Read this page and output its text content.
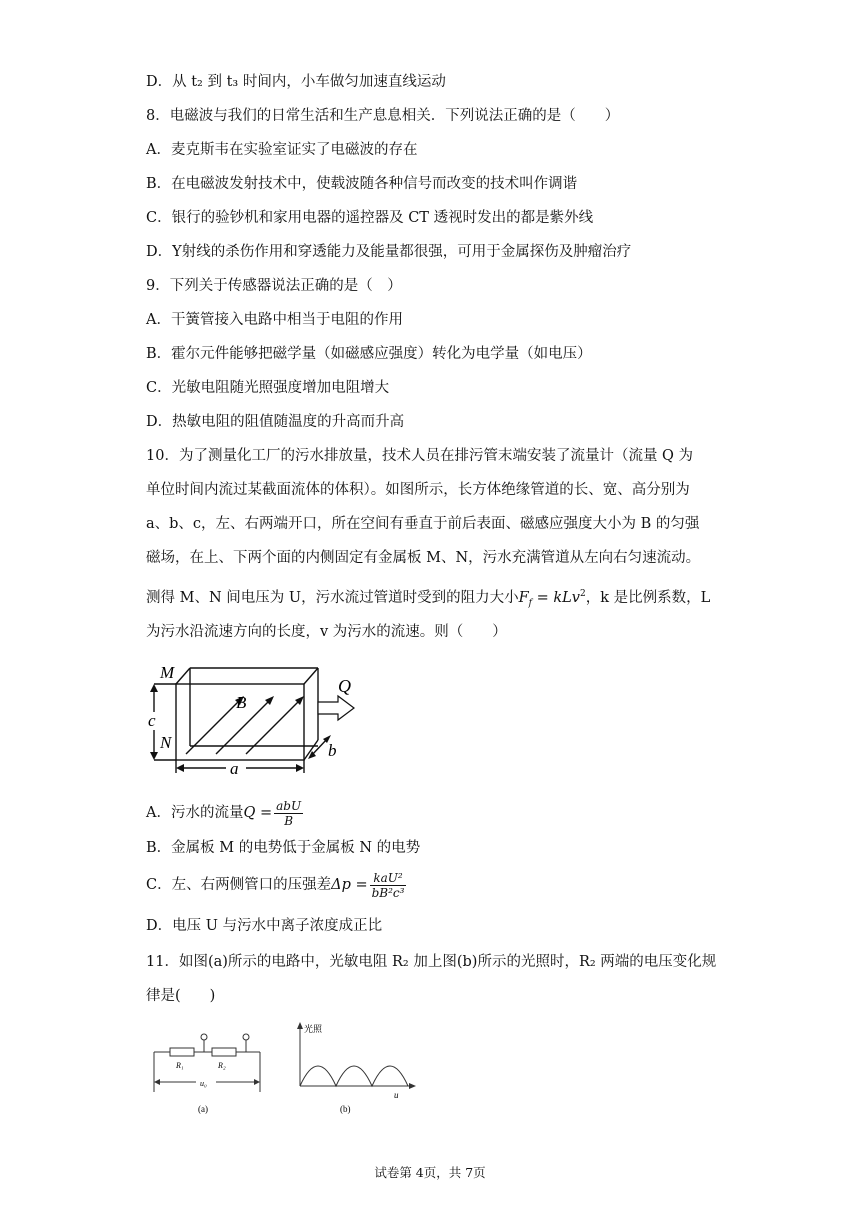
D．从 t₂ 到 t₃ 时间内，小车做匀加速直线运动
8．电磁波与我们的日常生活和生产息息相关．下列说法正确的是（　　）
A．麦克斯韦在实验室证实了电磁波的存在
B．在电磁波发射技术中，使载波随各种信号而改变的技术叫作调谐
C．银行的验钞机和家用电器的遥控器及 CT 透视时发出的都是紫外线
D．Y射线的杀伤作用和穿透能力及能量都很强，可用于金属探伤及肿瘤治疗
9．下列关于传感器说法正确的是（　）
A．干簧管接入电路中相当于电阻的作用
B．霍尔元件能够把磁学量（如磁感应强度）转化为电学量（如电压）
C．光敏电阻随光照强度增加电阻增大
D．热敏电阻的阻值随温度的升高而升高
10．为了测量化工厂的污水排放量，技术人员在排污管末端安装了流量计（流量 Q 为
单位时间内流过某截面流体的体积）。如图所示，长方体绝缘管道的长、宽、高分别为
a、b、c，左、右两端开口，所在空间有垂直于前后表面、磁感应强度大小为 B 的匀强
磁场，在上、下两个面的内侧固定有金属板 M、N，污水充满管道从左向右匀速流动。
测得 M、N 间电压为 U，污水流过管道时受到的阻力大小$F_f = kLv^2$，k 是比例系数，L
为污水沿流速方向的长度，v 为污水的流速。则（　　）
M
N
c
B
Q
b
a
A．污水的流量$Q = \frac{\text{abU}}{B}$
B．金属板 M 的电势低于金属板 N 的电势
C．左、右两侧管口的压强差$\Delta p = \frac{\text{kaU²}}{\text{bB²c³}}$
D．电压 U 与污水中离子浓度成正比
11．如图(a)所示的电路中，光敏电阻 R₂ 加上图(b)所示的光照时，R₂ 两端的电压变化规
律是(　　)
R₁	R₂
u₀
(a)
光照
u
(b)
试卷第 4页，共 7页
